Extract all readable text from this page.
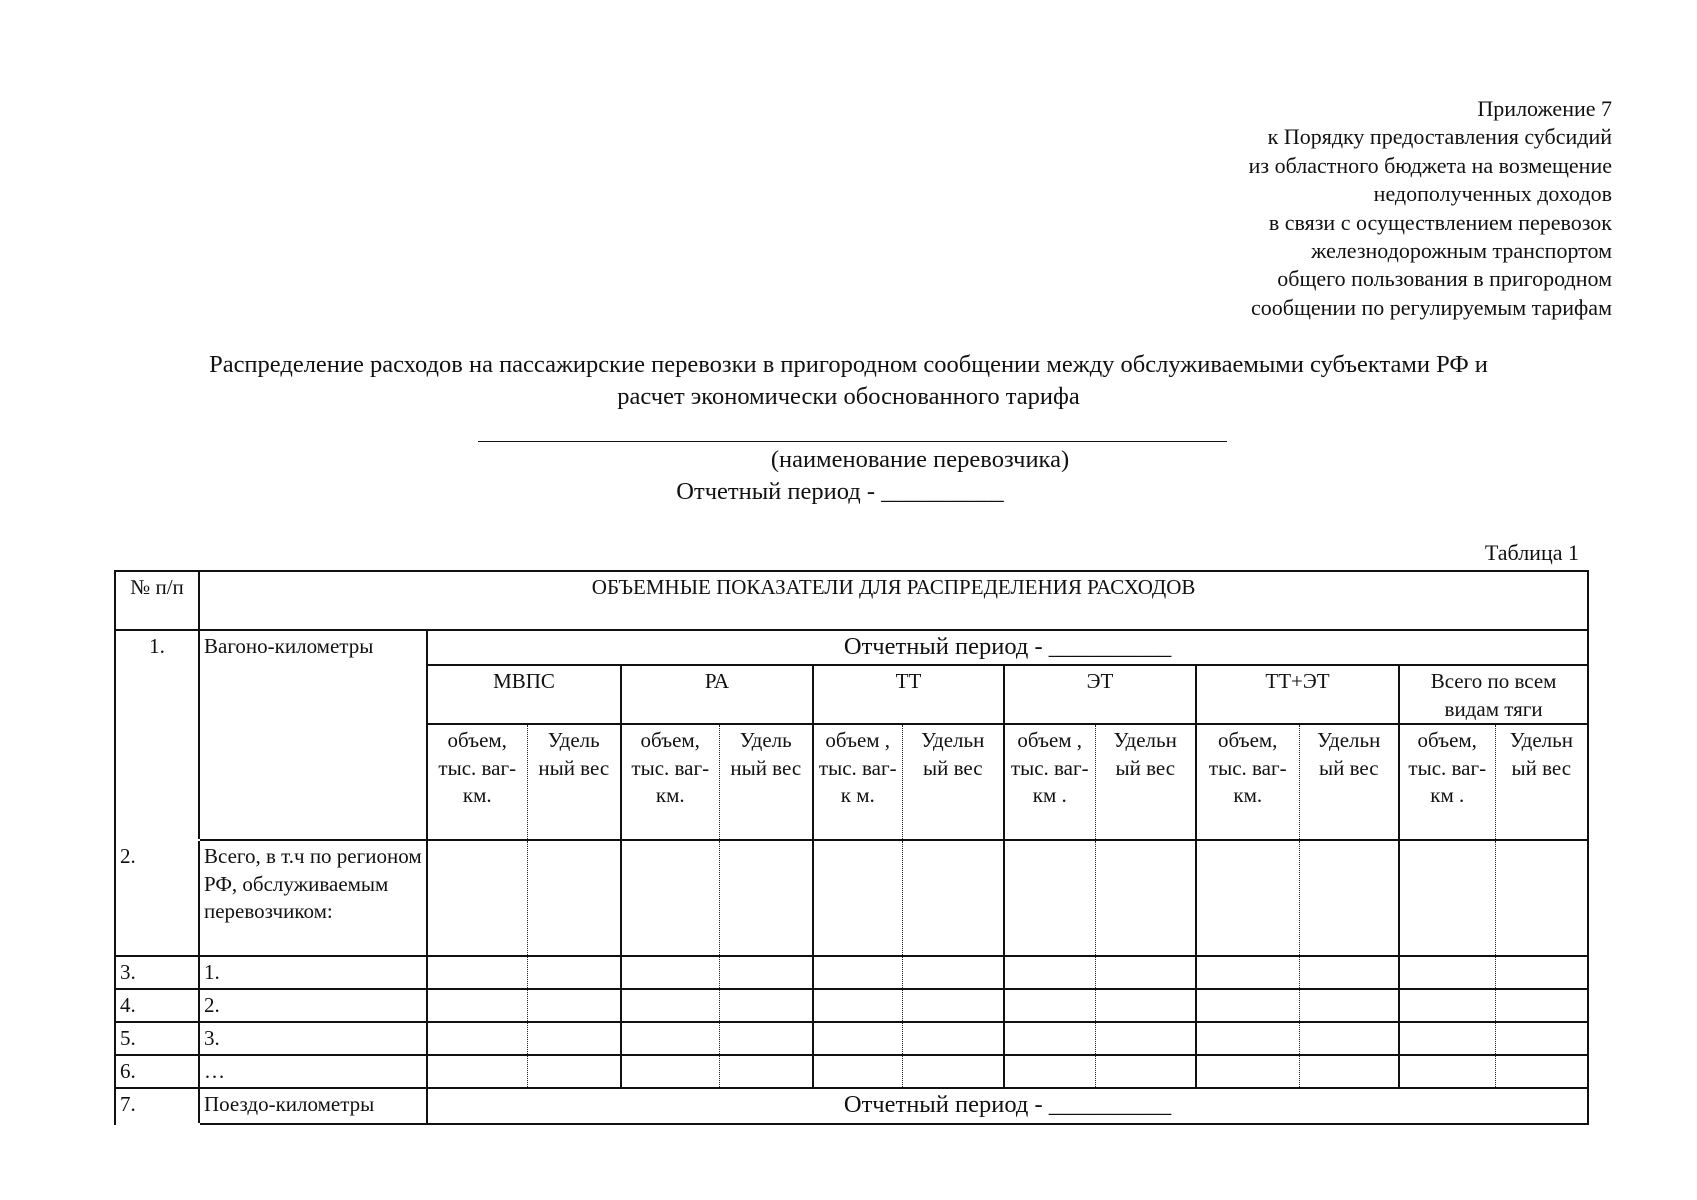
Приложение 7
к Порядку предоставления субсидий
из областного бюджета на возмещение
недополученных доходов
в связи с осуществлением перевозок
железнодорожным транспортом
общего пользования в пригородном
сообщении по регулируемым тарифам
Распределение расходов на пассажирские перевозки в пригородном сообщении между обслуживаемыми субъектами РФ и
расчет экономически обоснованного тарифа
(наименование перевозчика)
Отчетный период - __________
Таблица 1
№ п/п	ОБЪЕМНЫЕ ПОКАЗАТЕЛИ ДЛЯ РАСПРЕДЕЛЕНИЯ РАСХОДОВ												
1.	Вагоно-километры	Отчетный период - __________											
		МВПС		РА		ТТ		ЭТ		ТТ+ЭТ		Всего по всем видам тяги	
		объем, тыс. ваг-км.	Удель ный вес	объем, тыс. ваг-км.	Удель ный вес	объем , тыс. ваг-к м.	Удельн ый вес	объем , тыс. ваг-км .	Удельн ый вес	объем, тыс. ваг-км.	Удельн ый вес	объем, тыс. ваг-км .	Удельн ый вес
2.	Всего, в т.ч по регионом РФ, обслуживаемым перевозчиком:												
3.	1.												
4.	2.												
5.	3.												
6.	…												
7.	Поездо-километры	Отчетный период - __________											
